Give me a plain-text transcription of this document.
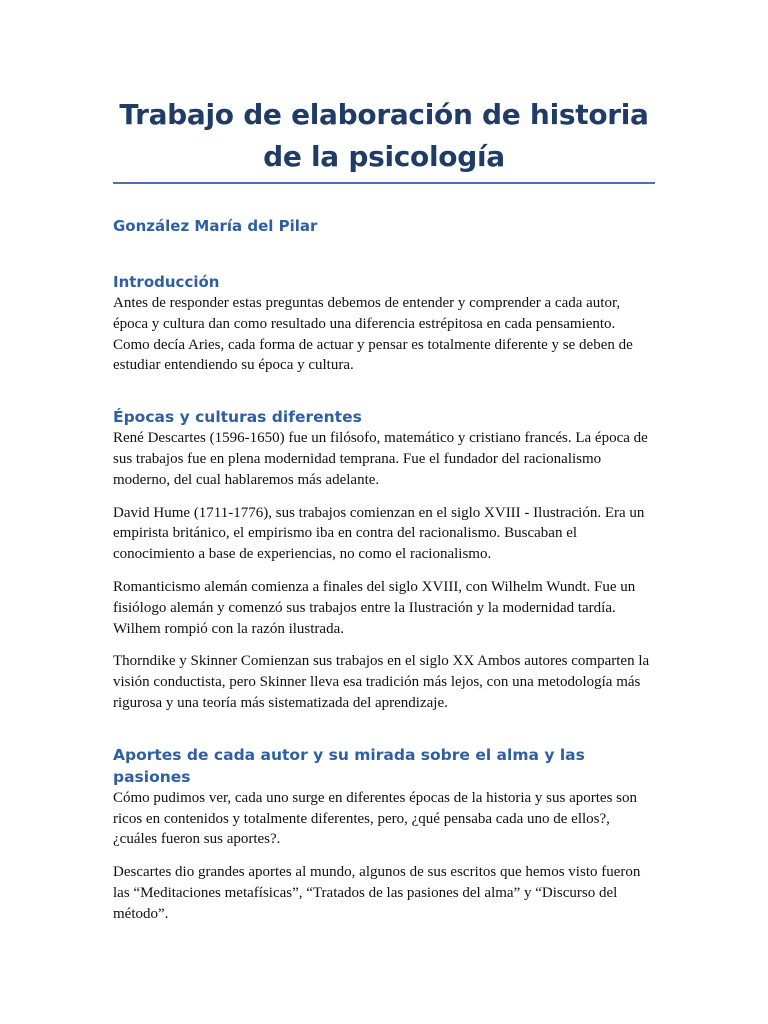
Trabajo de elaboración de historia de la psicología

González María del Pilar

Introducción

Antes de responder estas preguntas debemos de entender y comprender a cada autor, época y cultura dan como resultado una diferencia estrépitosa en cada pensamiento. Como decía Aries, cada forma de actuar y pensar es totalmente diferente y se deben de estudiar entendiendo su época y cultura.

Épocas y culturas diferentes

René Descartes (1596-1650) fue un filósofo, matemático y cristiano francés. La época de sus trabajos fue en plena modernidad temprana. Fue el fundador del racionalismo moderno, del cual hablaremos más adelante.

David Hume (1711-1776), sus trabajos comienzan en el siglo XVIII - Ilustración. Era un empirista británico, el empirismo iba en contra del racionalismo. Buscaban el conocimiento a base de experiencias, no como el racionalismo.

Romanticismo alemán comienza a finales del siglo XVIII, con Wilhelm Wundt. Fue un fisiólogo alemán y comenzó sus trabajos entre la Ilustración y la modernidad tardía. Wilhem rompió con la razón ilustrada.

Thorndike y Skinner Comienzan sus trabajos en el siglo XX Ambos autores comparten la visión conductista, pero Skinner lleva esa tradición más lejos, con una metodología más rigurosa y una teoría más sistematizada del aprendizaje.

Aportes de cada autor y su mirada sobre el alma y las pasiones

Cómo pudimos ver, cada uno surge en diferentes épocas de la historia y sus aportes son ricos en contenidos y totalmente diferentes, pero, ¿qué pensaba cada uno de ellos?, ¿cuáles fueron sus aportes?.

Descartes dio grandes aportes al mundo, algunos de sus escritos que hemos visto fueron las “Meditaciones metafísicas”, “Tratados de las pasiones del alma” y “Discurso del método”.
